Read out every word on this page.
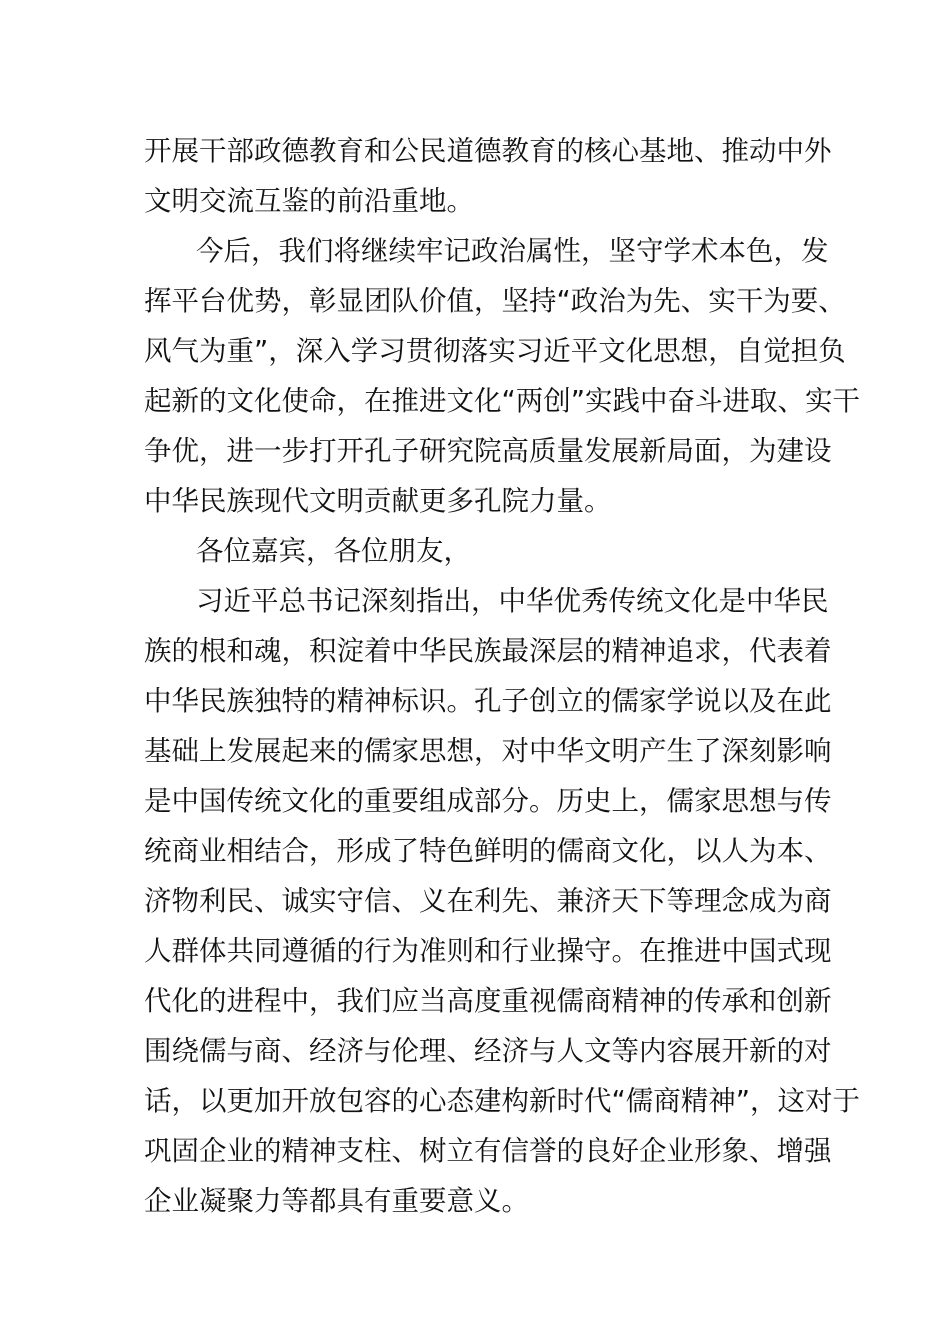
开展干部政德教育和公民道德教育的核心基地、推动中外
文明交流互鉴的前沿重地。
今后，我们将继续牢记政治属性，坚守学术本色，发
挥平台优势，彰显团队价值，坚持“政治为先、实干为要、
风气为重”，深入学习贯彻落实习近平文化思想，自觉担负
起新的文化使命，在推进文化“两创”实践中奋斗进取、实干
争优，进一步打开孔子研究院高质量发展新局面，为建设
中华民族现代文明贡献更多孔院力量。
各位嘉宾，各位朋友，
习近平总书记深刻指出，中华优秀传统文化是中华民
族的根和魂，积淀着中华民族最深层的精神追求，代表着
中华民族独特的精神标识。孔子创立的儒家学说以及在此
基础上发展起来的儒家思想，对中华文明产生了深刻影响
是中国传统文化的重要组成部分。历史上，儒家思想与传
统商业相结合，形成了特色鲜明的儒商文化，以人为本、
济物利民、诚实守信、义在利先、兼济天下等理念成为商
人群体共同遵循的行为准则和行业操守。在推进中国式现
代化的进程中，我们应当高度重视儒商精神的传承和创新
围绕儒与商、经济与伦理、经济与人文等内容展开新的对
话，以更加开放包容的心态建构新时代“儒商精神”，这对于
巩固企业的精神支柱、树立有信誉的良好企业形象、增强
企业凝聚力等都具有重要意义。
